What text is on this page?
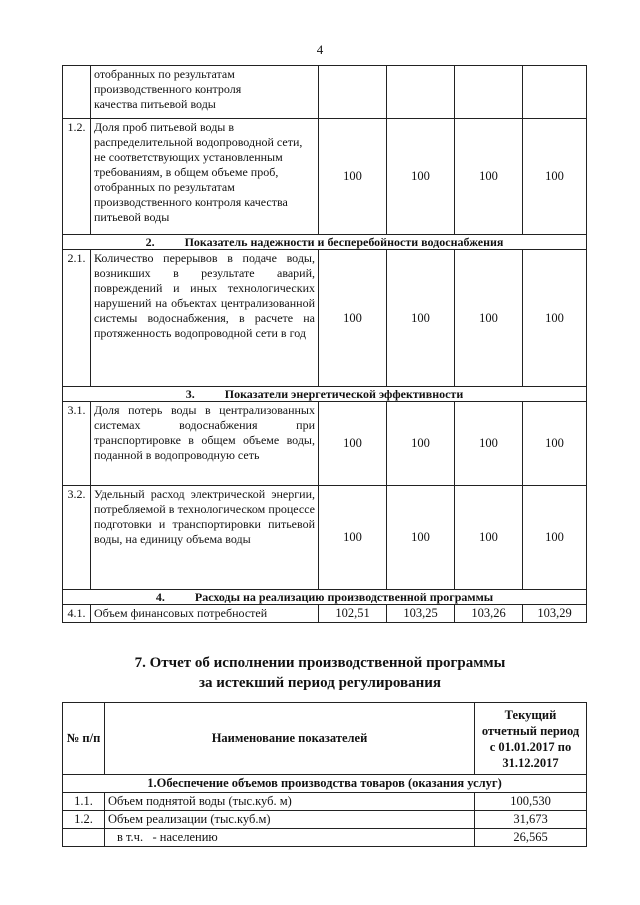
4

	отобранных по результатам
производственного контроля
качества питьевой воды				

1.2.	Доля проб питьевой воды в распределительной водопроводной сети, не соответствующих установленным требованиям, в общем объеме проб, отобранных по результатам производственного контроля качества питьевой воды	100	100	100	100
2. Показатель надежности и бесперебойности водоснабжения					
2.1.	Количество перерывов в подаче воды, возникших в результате аварий, повреждений и иных технологических нарушений на объектах централизованной системы водоснабжения, в расчете на протяженность водопроводной сети в год	100	100	100	100
3. Показатели энергетической эффективности					
3.1.	Доля потерь воды в централизованных системах водоснабжения при транспортировке в общем объеме воды, поданной в водопроводную сеть	100	100	100	100
3.2.	Удельный расход электрической энергии, потребляемой в технологическом процессе подготовки и транспортировки питьевой воды, на единицу объема воды	100	100	100	100
4. Расходы на реализацию производственной программы					
4.1.	Объем финансовых потребностей	102,51	103,25	103,26	103,29
7. Отчет об исполнении производственной программы
за истекший период регулирования
№ п/п	Наименование показателей	Текущий
отчетный период
с 01.01.2017 по
31.12.2017

1.Обеспечение объемов производства товаров (оказания услуг)		
1.1.	Объем поднятой воды (тыс.куб. м)	100,530
1.2.	Объем реализации (тыс.куб.м)	31,673
	в т.ч.   - населению	26,565
